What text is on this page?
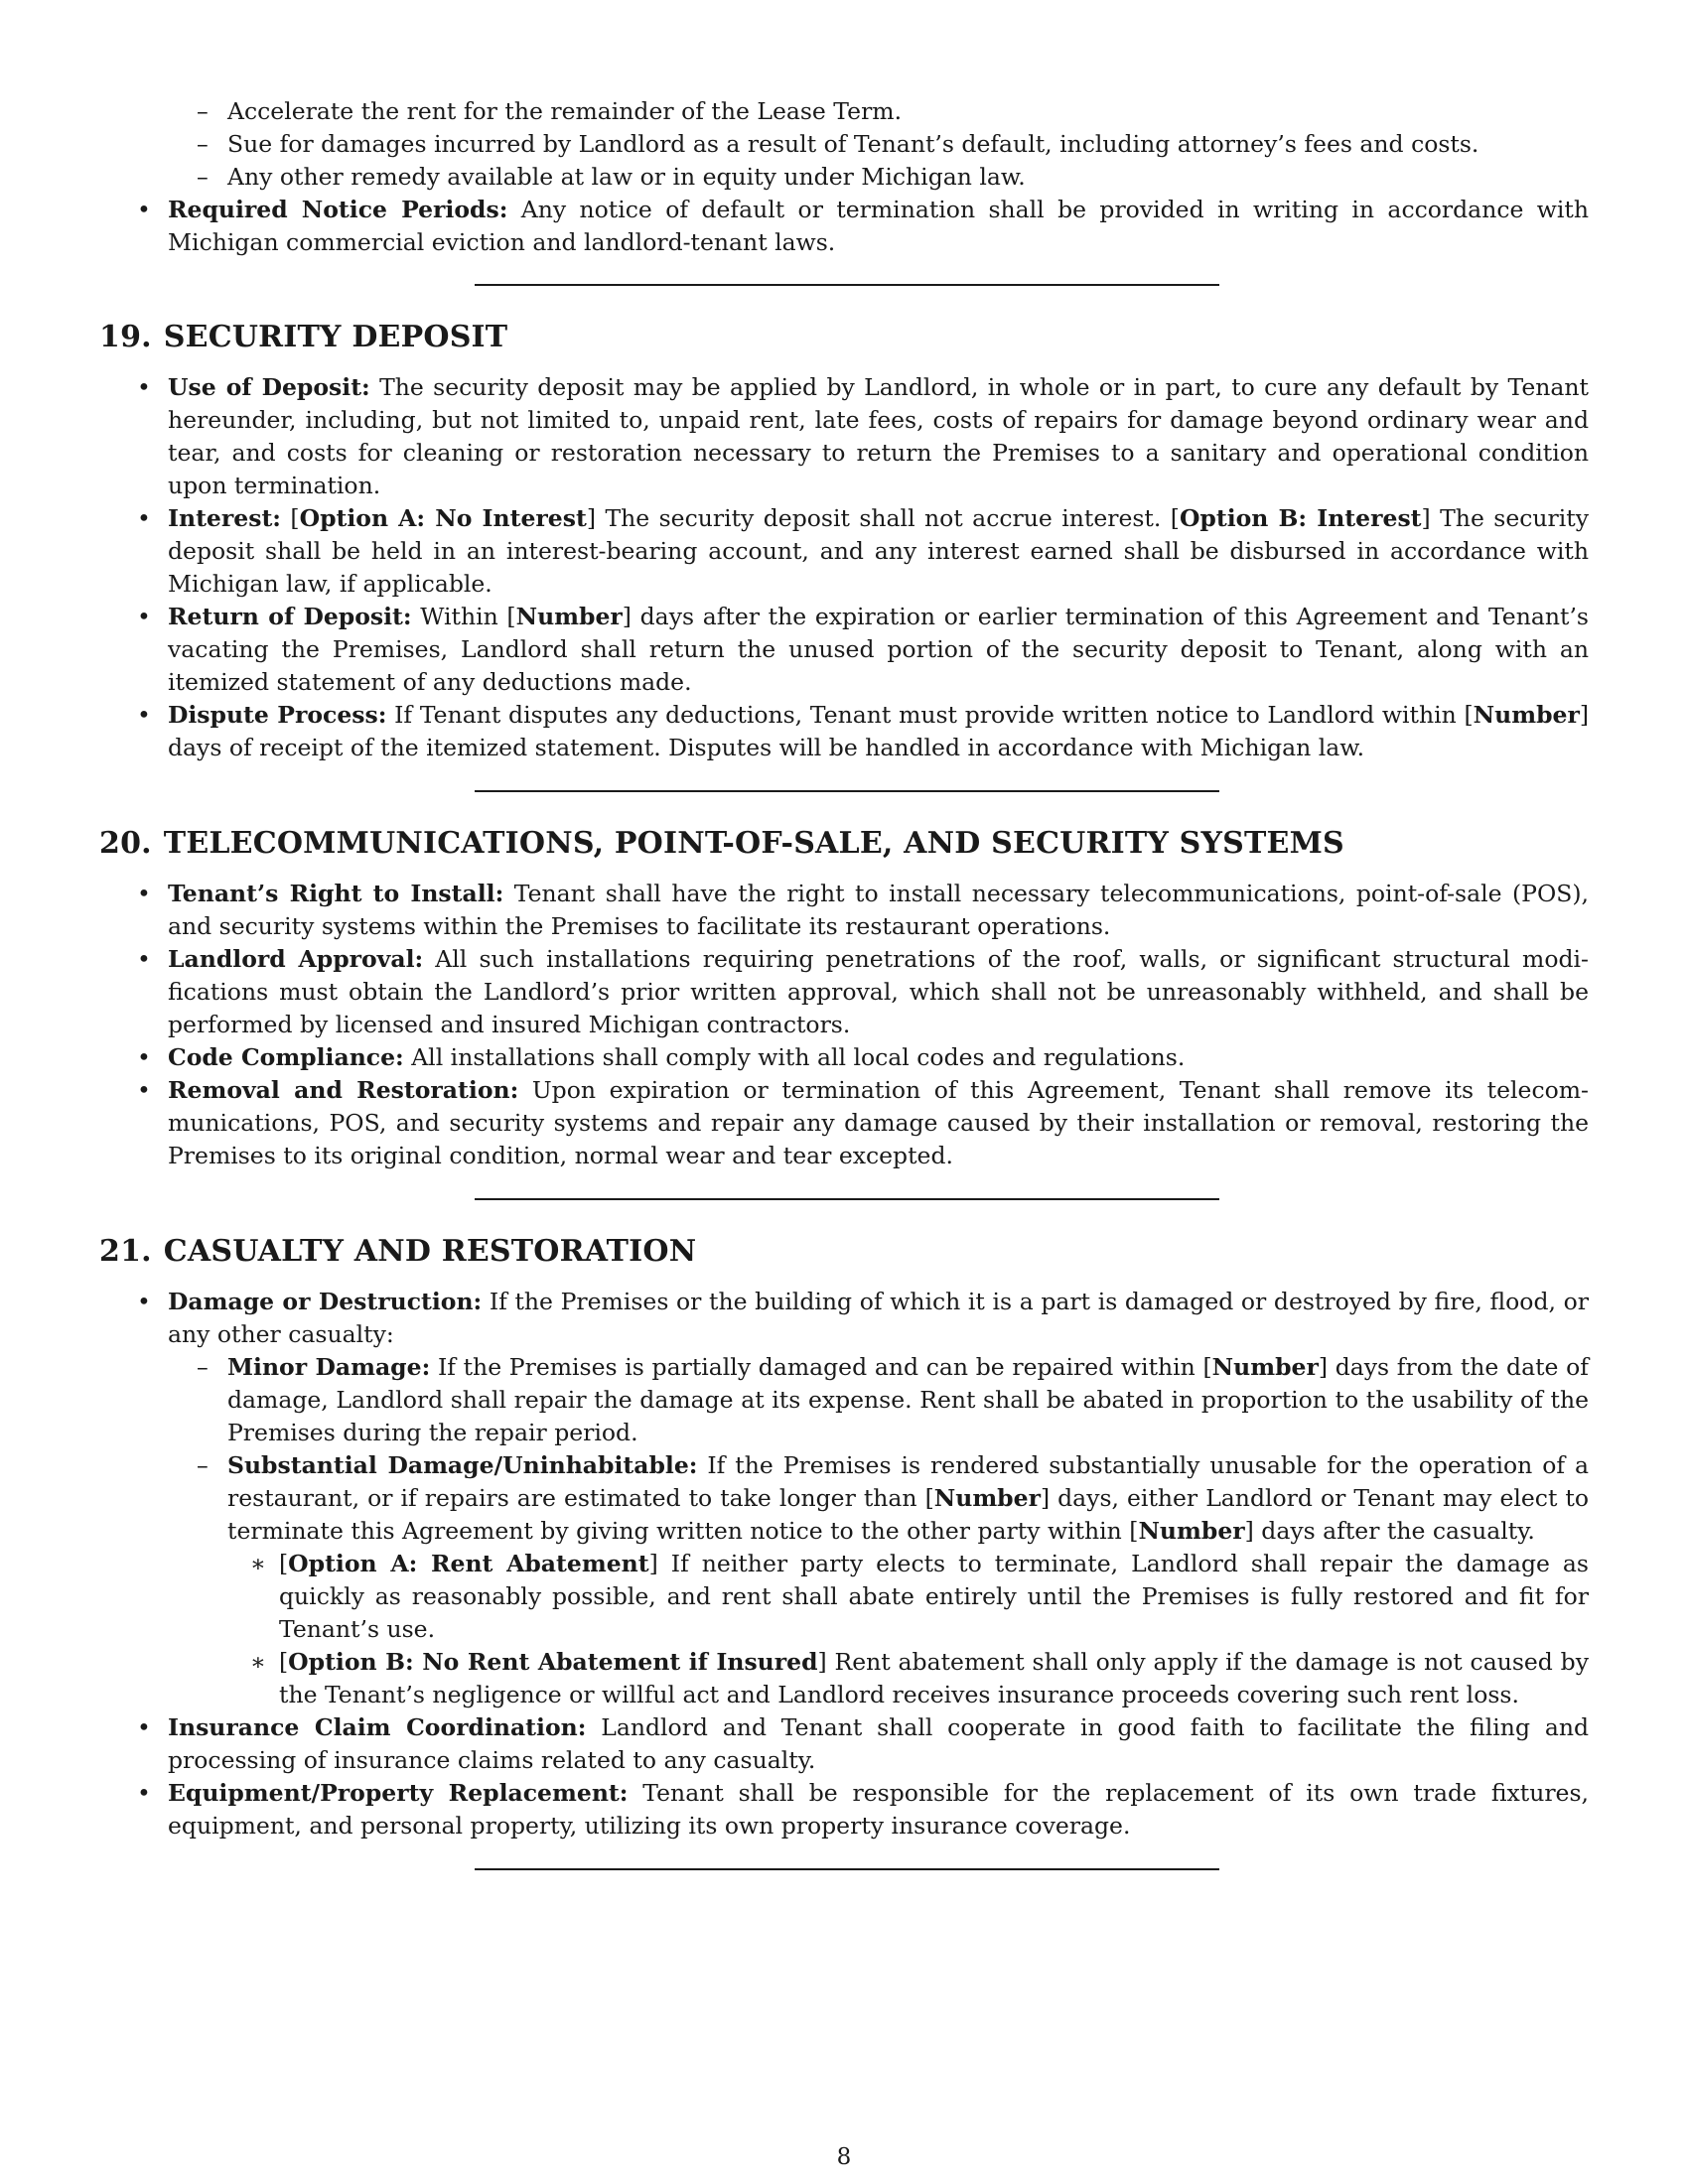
– Accelerate the rent for the remainder of the Lease Term.
– Sue for damages incurred by Landlord as a result of Tenant’s default, including attorney’s fees and costs.
– Any other remedy available at law or in equity under Michigan law.
• Required Notice Periods: Any notice of default or termination shall be provided in writing in accordance with Michigan commercial eviction and landlord-tenant laws.
19. SECURITY DEPOSIT
• Use of Deposit: The security deposit may be applied by Landlord, in whole or in part, to cure any default by Tenant hereunder, including, but not limited to, unpaid rent, late fees, costs of repairs for damage beyond ordinary wear and tear, and costs for cleaning or restoration necessary to return the Premises to a sanitary and operational condition upon termination.
• Interest: [Option A: No Interest] The security deposit shall not accrue interest. [Option B: Interest] The security deposit shall be held in an interest-bearing account, and any interest earned shall be disbursed in accordance with Michigan law, if applicable.
• Return of Deposit: Within [Number] days after the expiration or earlier termination of this Agreement and Tenant’s vacating the Premises, Landlord shall return the unused portion of the security deposit to Tenant, along with an itemized statement of any deductions made.
• Dispute Process: If Tenant disputes any deductions, Tenant must provide written notice to Landlord within [Number] days of receipt of the itemized statement. Disputes will be handled in accordance with Michigan law.
20. TELECOMMUNICATIONS, POINT-OF-SALE, AND SECURITY SYSTEMS
• Tenant’s Right to Install: Tenant shall have the right to install necessary telecommunications, point-of-sale (POS), and security systems within the Premises to facilitate its restaurant operations.
• Landlord Approval: All such installations requiring penetrations of the roof, walls, or significant structural modifications must obtain the Landlord’s prior written approval, which shall not be unreasonably withheld, and shall be performed by licensed and insured Michigan contractors.
• Code Compliance: All installations shall comply with all local codes and regulations.
• Removal and Restoration: Upon expiration or termination of this Agreement, Tenant shall remove its telecommunications, POS, and security systems and repair any damage caused by their installation or removal, restoring the Premises to its original condition, normal wear and tear excepted.
21. CASUALTY AND RESTORATION
• Damage or Destruction: If the Premises or the building of which it is a part is damaged or destroyed by fire, flood, or any other casualty:
– Minor Damage: If the Premises is partially damaged and can be repaired within [Number] days from the date of damage, Landlord shall repair the damage at its expense. Rent shall be abated in proportion to the usability of the Premises during the repair period.
– Substantial Damage/Uninhabitable: If the Premises is rendered substantially unusable for the operation of a restaurant, or if repairs are estimated to take longer than [Number] days, either Landlord or Tenant may elect to terminate this Agreement by giving written notice to the other party within [Number] days after the casualty.
∗ [Option A: Rent Abatement] If neither party elects to terminate, Landlord shall repair the damage as quickly as reasonably possible, and rent shall abate entirely until the Premises is fully restored and fit for Tenant’s use.
∗ [Option B: No Rent Abatement if Insured] Rent abatement shall only apply if the damage is not caused by the Tenant’s negligence or willful act and Landlord receives insurance proceeds covering such rent loss.
• Insurance Claim Coordination: Landlord and Tenant shall cooperate in good faith to facilitate the filing and processing of insurance claims related to any casualty.
• Equipment/Property Replacement: Tenant shall be responsible for the replacement of its own trade fixtures, equipment, and personal property, utilizing its own property insurance coverage.
8
